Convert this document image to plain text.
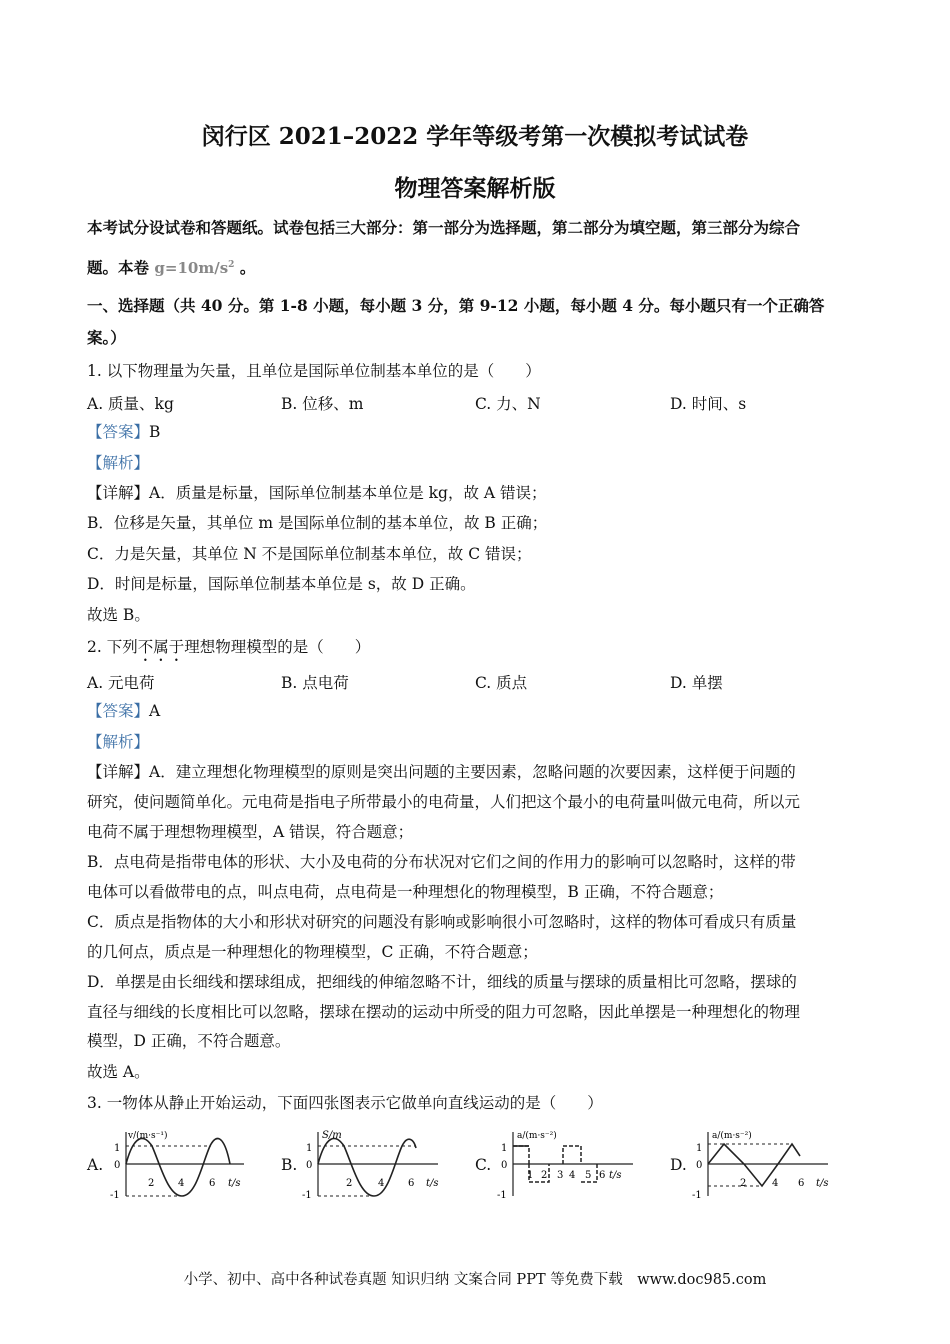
闵行区 2021–2022 学年等级考第一次模拟考试试卷
物理答案解析版
本考试分设试卷和答题纸。试卷包括三大部分：第一部分为选择题，第二部分为填空题，第三部分为综合
题。本卷 $g=10m/s^2$ 。
一、选择题（共 40 分。第 1-8 小题，每小题 3 分，第 9-12 小题，每小题 4 分。每小题只有一个正确答
案。）
1. 以下物理量为矢量，且单位是国际单位制基本单位的是（　　）
A. 质量、kg	B. 位移、m	C. 力、N	D. 时间、s
【答案】B
【解析】
【详解】A．质量是标量，国际单位制基本单位是 kg，故 A 错误；
B．位移是矢量，其单位 m 是国际单位制的基本单位，故 B 正确；
C．力是矢量，其单位 N 不是国际单位制基本单位，故 C 错误；
D．时间是标量，国际单位制基本单位是 s，故 D 正确。
故选 B。
2. 下列不属于理想物理模型的是（　　）
A. 元电荷	B. 点电荷	C. 质点	D. 单摆
【答案】A
【解析】
【详解】A．建立理想化物理模型的原则是突出问题的主要因素，忽略问题的次要因素，这样便于问题的
研究，使问题简单化。元电荷是指电子所带最小的电荷量，人们把这个最小的电荷量叫做元电荷，所以元
电荷不属于理想物理模型，A 错误，符合题意；
B．点电荷是指带电体的形状、大小及电荷的分布状况对它们之间的作用力的影响可以忽略时，这样的带
电体可以看做带电的点，叫点电荷，点电荷是一种理想化的物理模型，B 正确，不符合题意；
C．质点是指物体的大小和形状对研究的问题没有影响或影响很小可忽略时，这样的物体可看成只有质量
的几何点，质点是一种理想化的物理模型，C 正确，不符合题意；
D．单摆是由长细线和摆球组成，把细线的伸缩忽略不计，细线的质量与摆球的质量相比可忽略，摆球的
直径与细线的长度相比可以忽略，摆球在摆动的运动中所受的阻力可忽略，因此单摆是一种理想化的物理
模型，D 正确，不符合题意。
故选 A。
3. 一物体从静止开始运动，下面四张图表示它做单向直线运动的是（　　）
A.
v/(m·s⁻¹)
1
0
-1
2 4 6 t/s
B.
S/m
1
0
-1
2	4 6 t/s
C.
a/(m·s⁻²)
1
0
-1
1 2 3 4 5 6 t/s
D.
a/(m·s⁻²)
1
0
-1
2	4 6 t/s
小学、初中、高中各种试卷真题 知识归纳 文案合同 PPT 等免费下载　www.doc985.com
